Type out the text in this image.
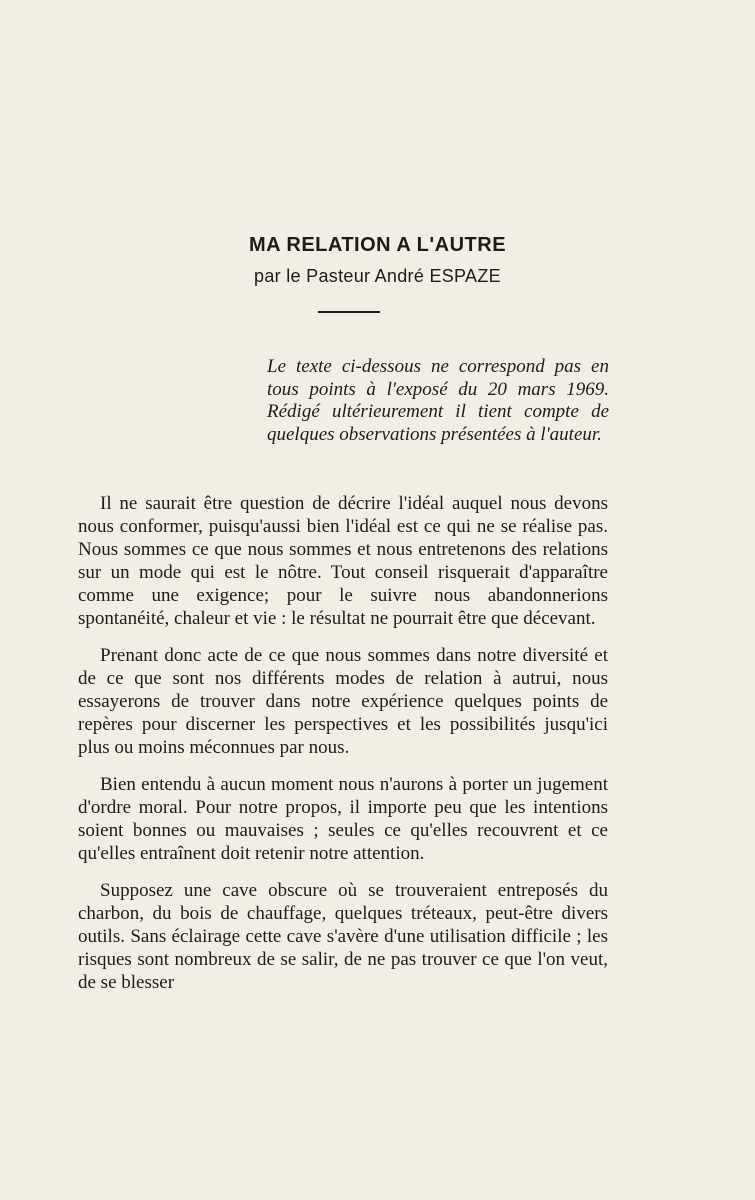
MA RELATION A L'AUTRE
par le Pasteur André ESPAZE
Le texte ci-dessous ne correspond pas en tous points à l'exposé du 20 mars 1969. Rédigé ultérieurement il tient compte de quelques observations présentées à l'auteur.

Il ne saurait être question de décrire l'idéal auquel nous devons nous conformer, puisqu'aussi bien l'idéal est ce qui ne se réalise pas. Nous sommes ce que nous sommes et nous entretenons des relations sur un mode qui est le nôtre. Tout conseil risquerait d'apparaître comme une exigence; pour le suivre nous abandonnerions spontanéité, chaleur et vie : le résultat ne pourrait être que décevant.

Prenant donc acte de ce que nous sommes dans notre diversité et de ce que sont nos différents modes de relation à autrui, nous essayerons de trouver dans notre expérience quelques points de repères pour discerner les perspectives et les possibilités jusqu'ici plus ou moins méconnues par nous.

Bien entendu à aucun moment nous n'aurons à porter un jugement d'ordre moral. Pour notre propos, il importe peu que les intentions soient bonnes ou mauvaises ; seules ce qu'elles recouvrent et ce qu'elles entraînent doit retenir notre attention.

Supposez une cave obscure où se trouveraient entreposés du charbon, du bois de chauffage, quelques tréteaux, peut-être divers outils. Sans éclairage cette cave s'avère d'une utilisation difficile ; les risques sont nombreux de se salir, de ne pas trouver ce que l'on veut, de se blesser
